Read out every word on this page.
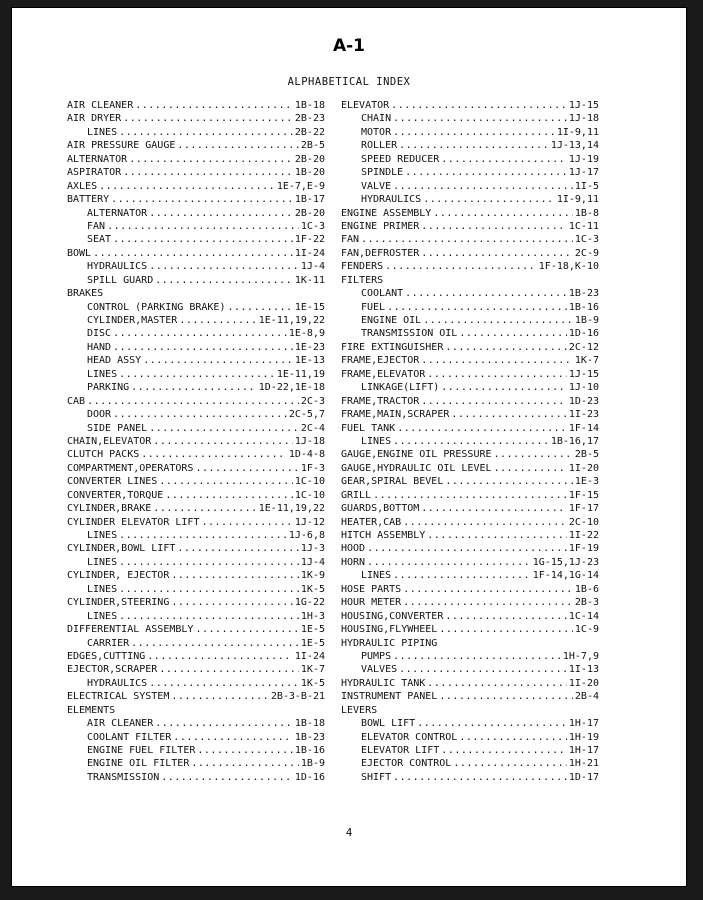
A-1
ALPHABETICAL INDEX
AIR CLEANER .....	1B-18
AIR DRYER .....	2B-23
LINES .....	2B-22
AIR PRESSURE GAUGE .....	2B-5
ALTERNATOR .....	2B-20
ASPIRATOR .....	1B-20
AXLES .....	1E-7,E-9
BATTERY .....	1B-17
ALTERNATOR .....	2B-20
FAN .....	1C-3
SEAT .....	1F-22
BOWL .....	1I-24
HYDRAULICS .....	1J-4
SPILL GUARD .....	1K-11
BRAKES
CONTROL (PARKING BRAKE) .....	1E-15
CYLINDER,MASTER .....	1E-11,19,22
DISC .....	1E-8,9
HAND .....	1E-23
HEAD ASSY .....	1E-13
LINES .....	1E-11,19
PARKING .....	1D-22,1E-18
CAB .....	2C-3
DOOR .....	2C-5,7
SIDE PANEL .....	2C-4
CHAIN,ELEVATOR .....	1J-18
CLUTCH PACKS .....	1D-4-8
COMPARTMENT,OPERATORS .....	1F-3
CONVERTER LINES .....	1C-10
CONVERTER,TORQUE .....	1C-10
CYLINDER,BRAKE .....	1E-11,19,22
CYLINDER ELEVATOR LIFT .....	1J-12
LINES .....	1J-6,8
CYLINDER,BOWL LIFT .....	1J-3
LINES .....	1J-4
CYLINDER, EJECTOR .....	1K-9
LINES .....	1K-5
CYLINDER,STEERING .....	1G-22
LINES .....	1H-3
DIFFERENTIAL ASSEMBLY .....	1E-5
CARRIER .....	1E-5
EDGES,CUTTING .....	1I-24
EJECTOR,SCRAPER .....	1K-7
HYDRAULICS .....	1K-5
ELECTRICAL SYSTEM .....	2B-3-B-21
ELEMENTS
AIR CLEANER .....	1B-18
COOLANT FILTER .....	1B-23
ENGINE FUEL FILTER .....	1B-16
ENGINE OIL FILTER .....	1B-9
TRANSMISSION .....	1D-16
ELEVATOR .....	1J-15
CHAIN .....	1J-18
MOTOR .....	1I-9,11
ROLLER .....	1J-13,14
SPEED REDUCER .....	1J-19
SPINDLE .....	1J-17
VALVE .....	1I-5
HYDRAULICS .....	1I-9,11
ENGINE ASSEMBLY .....	1B-8
ENGINE PRIMER .....	1C-11
FAN .....	1C-3
FAN,DEFROSTER .....	2C-9
FENDERS .....	1F-18,K-10
FILTERS
COOLANT .....	1B-23
FUEL .....	1B-16
ENGINE OIL .....	1B-9
TRANSMISSION OIL .....	1D-16
FIRE EXTINGUISHER .....	2C-12
FRAME,EJECTOR .....	1K-7
FRAME,ELEVATOR .....	1J-15
LINKAGE(LIFT) .....	1J-10
FRAME,TRACTOR .....	1D-23
FRAME,MAIN,SCRAPER .....	1I-23
FUEL TANK .....	1F-14
LINES .....	1B-16,17
GAUGE,ENGINE OIL PRESSURE .....	2B-5
GAUGE,HYDRAULIC OIL LEVEL .....	1I-20
GEAR,SPIRAL BEVEL .....	1E-3
GRILL .....	1F-15
GUARDS,BOTTOM .....	1F-17
HEATER,CAB .....	2C-10
HITCH ASSEMBLY .....	1I-22
HOOD .....	1F-19
HORN .....	1G-15,1J-23
LINES .....	1F-14,1G-14
HOSE PARTS .....	1B-6
HOUR METER .....	2B-3
HOUSING,CONVERTER .....	1C-14
HOUSING,FLYWHEEL .....	1C-9
HYDRAULIC PIPING
PUMPS .....	1H-7,9
VALVES .....	1I-13
HYDRAULIC TANK .....	1I-20
INSTRUMENT PANEL .....	2B-4
LEVERS
BOWL LIFT .....	1H-17
ELEVATOR CONTROL .....	1H-19
ELEVATOR LIFT .....	1H-17
EJECTOR CONTROL .....	1H-21
SHIFT .....	1D-17
4
